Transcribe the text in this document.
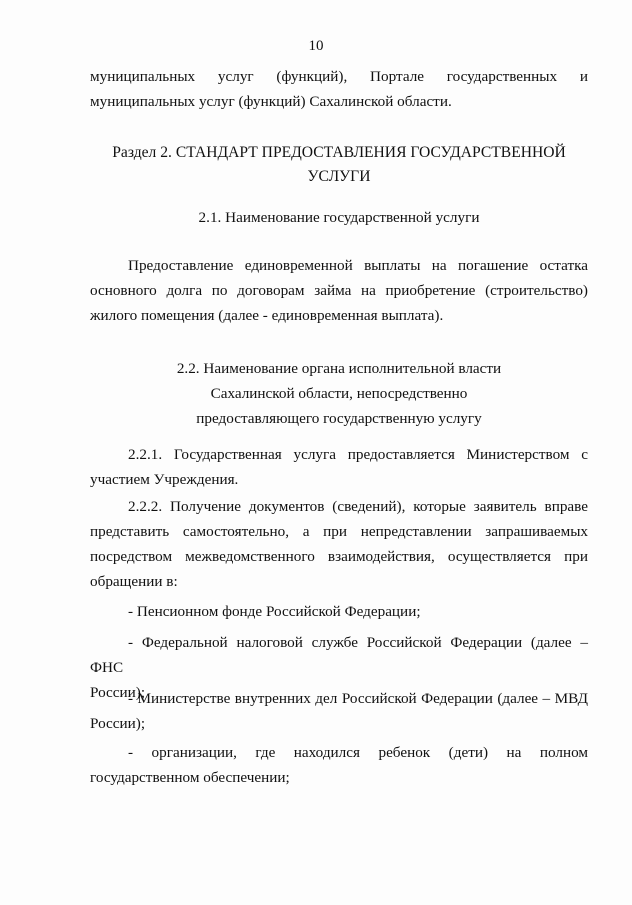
10

муниципальных услуг (функций), Портале государственных и

муниципальных услуг (функций) Сахалинской области.

Раздел 2. СТАНДАРТ ПРЕДОСТАВЛЕНИЯ ГОСУДАРСТВЕННОЙ

УСЛУГИ

2.1. Наименование государственной услуги

Предоставление единовременной выплаты на погашение остатка

основного долга по договорам займа на приобретение (строительство)

жилого помещения (далее - единовременная выплата).

2.2. Наименование органа исполнительной власти

Сахалинской области, непосредственно

предоставляющего государственную услугу

2.2.1. Государственная услуга предоставляется Министерством с

участием Учреждения.

2.2.2. Получение документов (сведений), которые заявитель вправе

представить самостоятельно, а при непредставлении запрашиваемых

посредством межведомственного взаимодействия, осуществляется при

обращении в:

- Пенсионном фонде Российской Федерации;

- Федеральной налоговой службе Российской Федерации (далее – ФНС

России);

- Министерстве внутренних дел Российской Федерации (далее – МВД

России);

- организации, где находился ребенок (дети) на полном

государственном обеспечении;
